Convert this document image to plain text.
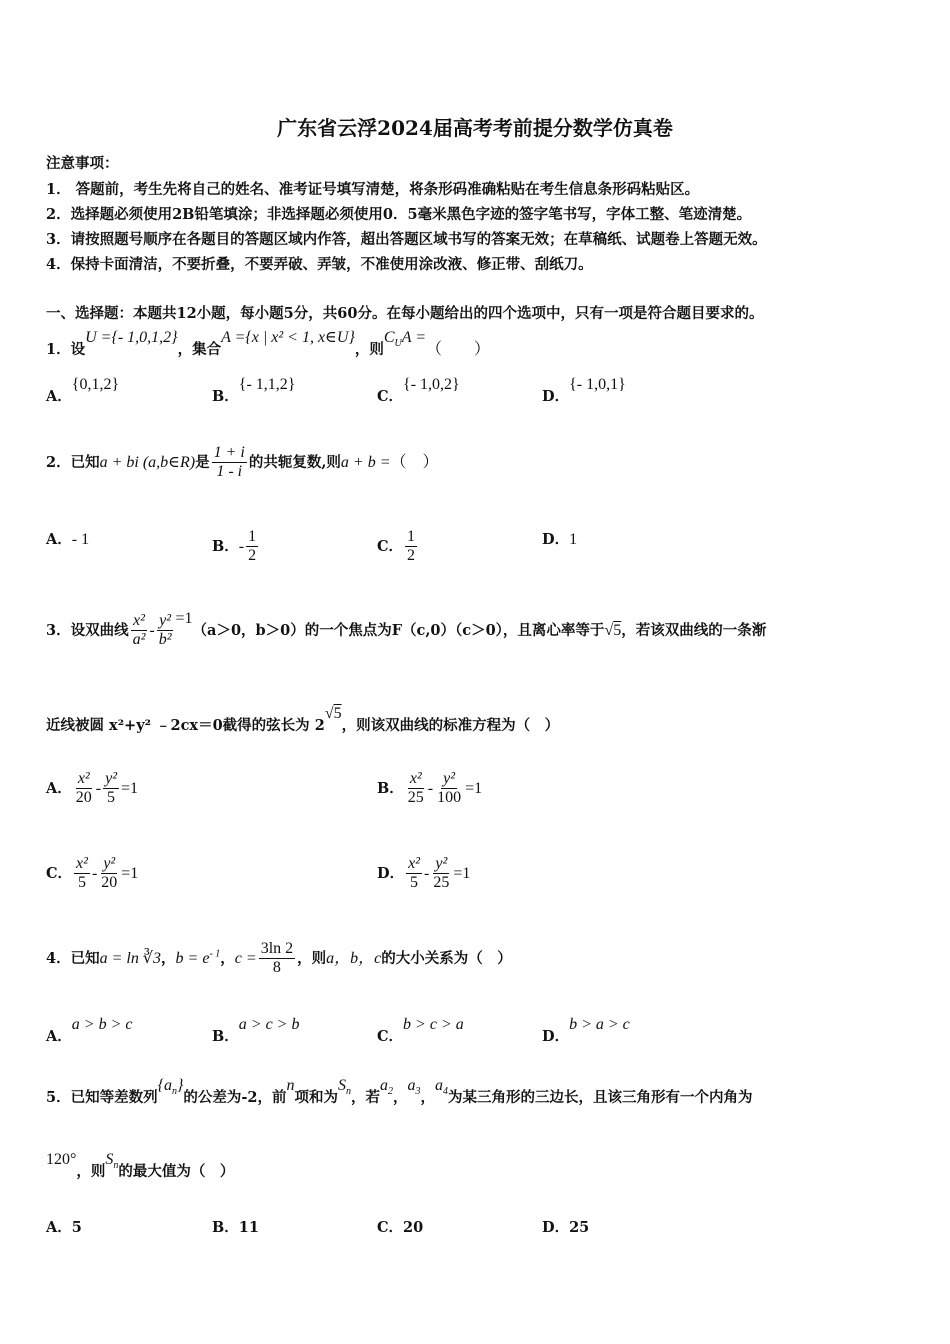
广东省云浮2024届高考考前提分数学仿真卷
注意事项：
1． 答题前，考生先将自己的姓名、准考证号填写清楚，将条形码准确粘贴在考生信息条形码粘贴区。
2．选择题必须使用2B铅笔填涂；非选择题必须使用0．5毫米黑色字迹的签字笔书写，字体工整、笔迹清楚。
3．请按照题号顺序在各题目的答题区域内作答，超出答题区域书写的答案无效；在草稿纸、试题卷上答题无效。
4．保持卡面清洁，不要折叠，不要弄破、弄皱，不准使用涂改液、修正带、刮纸刀。
一、选择题：本题共12小题，每小题5分，共60分。在每小题给出的四个选项中，只有一项是符合题目要求的。
1．设U ={- 1,0,1,2}，集合A ={x | x² < 1, x∈U}，则$C_UA$ =（　　）
A．{0,1,2}
B．{- 1,1,2}
C．{- 1,0,2}
D．{- 1,0,1}
2．已知a + bi (a,b∈R)是 $\frac{1 + i}{1 - i}$ 的共轭复数,则a + b =（　）
A．- 1	B．- $\frac{1}{2}$	C． $\frac{1}{2}$	D．1
3．设双曲线 $\frac{\text{x²}}{\text{a²}} - \frac{\text{y²}}{\text{b²}} =1(a>0$，b＞0）的一个焦点为F（c,0）（c＞0），且离心率等于√5，若该双曲线的一条渐
近线被圆 x²+y² ﹣2cx＝0截得的弦长为 2√5，则该双曲线的标准方程为（　）
A． $\frac{\text{x²}}{20} - \frac{\text{y²}}{5} =1$	B． $\frac{\text{x²}}{25} - \frac{\text{y²}}{100} =1$
C． $\frac{\text{x²}}{5} - \frac{\text{y²}}{20} =1$	D． $\frac{\text{x²}}{5} - \frac{\text{y²}}{25} =1$
4．已知a = ln ∛3，$b = e^{- 1}$，$c = \frac{3\ln 2}{8}$ ，则a，b，c的大小关系为（　）
A．a > b > c
B．a > c > b
C．b > c > a
D．b > a > c
5．已知等差数列$\{a_n\}$的公差为-2，前n项和为$S_n$，若$a_2$，$a_3$，$a_4$为某三角形的三边长，且该三角形有一个内角为
120°，则$S_n$的最大值为（　）
A．5	B．11	C．20	D．25
